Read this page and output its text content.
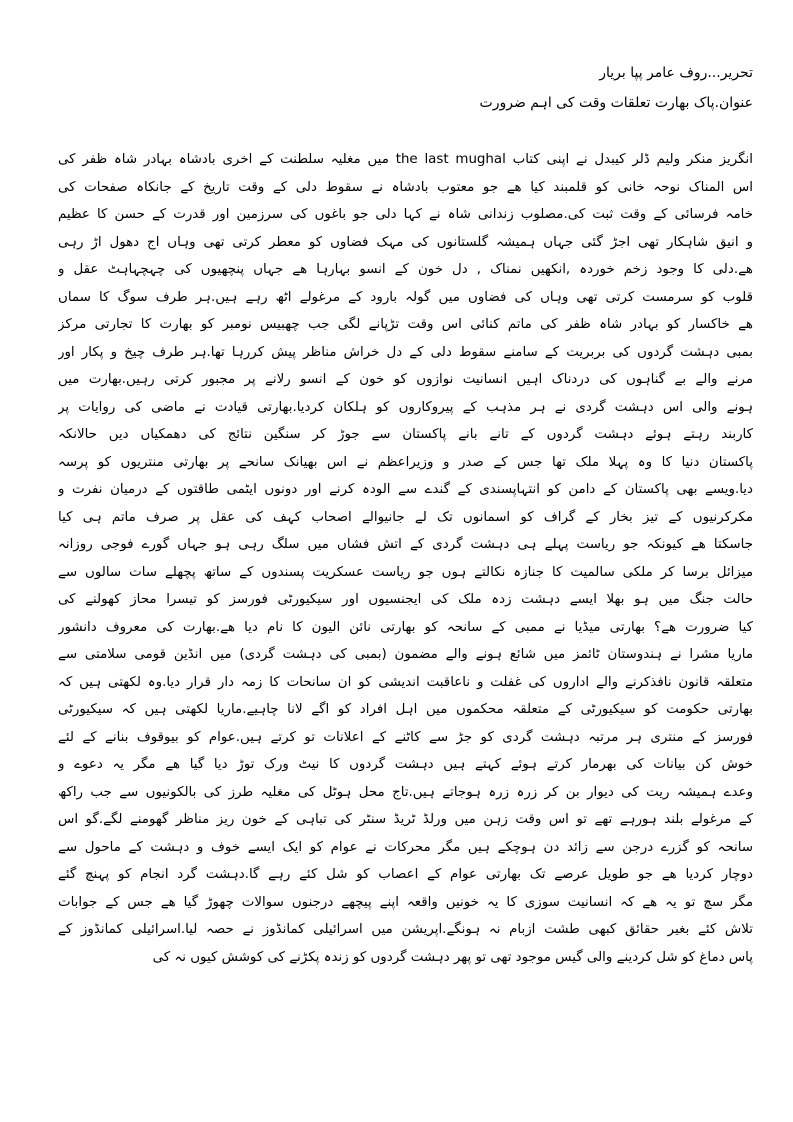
تحریر...روف عامر پپا بریار
عنوان.پاک بھارت تعلقات وقت کی اہم ضرورت
انگریز منکر ولیم ڈلر کیبدل نے اپنی کتاب the last mughal میں مغلیہ سلطنت کے اخری بادشاہ بہادر شاہ ظفر کی
اس المناک نوحہ خانی کو قلمبند کیا ھے جو معتوب بادشاہ نے سقوط دلی کے وقت تاریخ کے جانکاہ صفحات کی
خامہ فرسائی کے وقت ثبت کی.مصلوب زندانی شاہ نے کہا دلی جو باغوں کی سرزمین اور قدرت کے حسن کا عظیم
و انیق شاہکار تھی اجڑ گئی جہاں ہمیشہ گلستانوں کی مہک فضاوں کو معطر کرتی تھی وہاں اج دھول اڑ رہی
ھے.دلی کا وجود زخم خوردہ ,انکھیں نمناک , دل خون کے انسو بہارہا ھے جہاں پنچھیوں کی چہچہاہٹ عقل و
قلوب کو سرمست کرتی تھی وہاں کی فضاوں میں گولہ بارود کے مرغولے اٹھ رہے ہیں.ہر طرف سوگ کا سماں
ھے خاکسار کو بہادر شاہ ظفر کی ماتم کنائی اس وقت تڑپانے لگی جب چھبیس نومبر کو بھارت کا تجارتی مرکز
بمبی دہشت گردوں کی بربریت کے سامنے سقوط دلی کے دل خراش مناظر پیش کررہا تھا.ہر طرف چیخ و پکار اور
مرنے والے بے گناہوں کی دردناک اہیں انسانیت نوازوں کو خون کے انسو رلانے پر مجبور کرتی رہیں.بھارت میں
ہونے والی اس دہشت گردی نے ہر مذہب کے پیروکاروں کو ہلکان کردیا.بھارتی قیادت نے ماضی کی روایات پر
کاربند رہتے ہوئے دہشت گردوں کے تانے بانے پاکستان سے جوڑ کر سنگین نتائج کی دھمکیاں دیں حالانکہ
پاکستان دنیا کا وہ پہلا ملک تھا جس کے صدر و وزیراعظم نے اس بھیانک سانحے پر بھارتی منتریوں کو پرسہ
دیا.ویسے بھی پاکستان کے دامن کو انتہاپسندی کے گندے سے الودہ کرنے اور دونوں ایٹمی طاقتوں کے درمیان نفرت و
مکرکرنیوں کے تیز بخار کے گراف کو اسمانوں تک لے جانیوالے اصحاب کہف کی عقل پر صرف ماتم ہی کیا
جاسکتا ھے کیونکہ جو ریاست پہلے ہی دہشت گردی کے اتش فشاں میں سلگ رہی ہو جہاں گورے فوجی روزانہ
میزائل برسا کر ملکی سالمیت کا جنازہ نکالتے ہوں جو ریاست عسکریت پسندوں کے ساتھ پچھلے سات سالوں سے
حالت جنگ میں ہو بھلا ایسے دہشت زدہ ملک کی ایجنسیوں اور سیکیورٹی فورسز کو تیسرا محاز کھولنے کی
کیا ضرورت ھے؟ بھارتی میڈیا نے ممبی کے سانحہ کو بھارتی نائن الیون کا نام دیا ھے.بھارت کی معروف دانشور
ماریا مشرا نے ہندوستان ٹائمز میں شائع ہونے والے مضمون (بمبی کی دہشت گردی) میں انڈین قومی سلامتی سے
متعلقہ قانون نافذکرنے والے اداروں کی غفلت و ناعاقبت اندیشی کو ان سانحات کا زمہ دار قرار دیا.وہ لکھتی ہیں کہ
بھارتی حکومت کو سیکیورٹی کے متعلقہ محکموں میں اہل افراد کو اگے لانا چاہیے.ماریا لکھتی ہیں کہ سیکیورٹی
فورسز کے منتری ہر مرتبہ دہشت گردی کو جڑ سے کاٹنے کے اعلانات تو کرتے ہیں.عوام کو بیوقوف بنانے کے لئے
خوش کن بیانات کی بھرمار کرتے ہوئے کہتے ہیں دہشت گردوں کا نیٹ ورک توڑ دیا گیا ھے مگر یہ دعوے و
وعدے ہمیشہ ریت کی دیوار بن کر زرہ زرہ ہوجاتے ہیں.تاج محل ہوٹل کی مغلیہ طرز کی بالکونیوں سے جب راکھ
کے مرغولے بلند ہورہے تھے تو اس وقت زہن میں ورلڈ ٹریڈ سنٹر کی تباہی کے خون ریز مناظر گھومنے لگے.گو اس
سانحہ کو گزرے درجن سے زائد دن ہوچکے ہیں مگر محرکات نے عوام کو ایک ایسے خوف و دہشت کے ماحول سے
دوچار کردیا ھے جو طویل عرصے تک بھارتی عوام کے اعصاب کو شل کئے رہے گا.دہشت گرد انجام کو پہنچ گئے
مگر سچ تو یہ ھے کہ انسانیت سوزی کا یہ خونیں واقعہ اپنے پیچھے درجنوں سوالات چھوڑ گیا ھے جس کے جوابات
تلاش کئے بغیر حقائق کبھی طشت ازبام نہ ہونگے.اپریشن میں اسرائیلی کمانڈوز نے حصہ لیا.اسرائیلی کمانڈوز کے
پاس دماغ کو شل کردینے والی گیس موجود تھی تو پھر دہشت گردوں کو زندہ پکڑنے کی کوشش کیوں نہ کی
